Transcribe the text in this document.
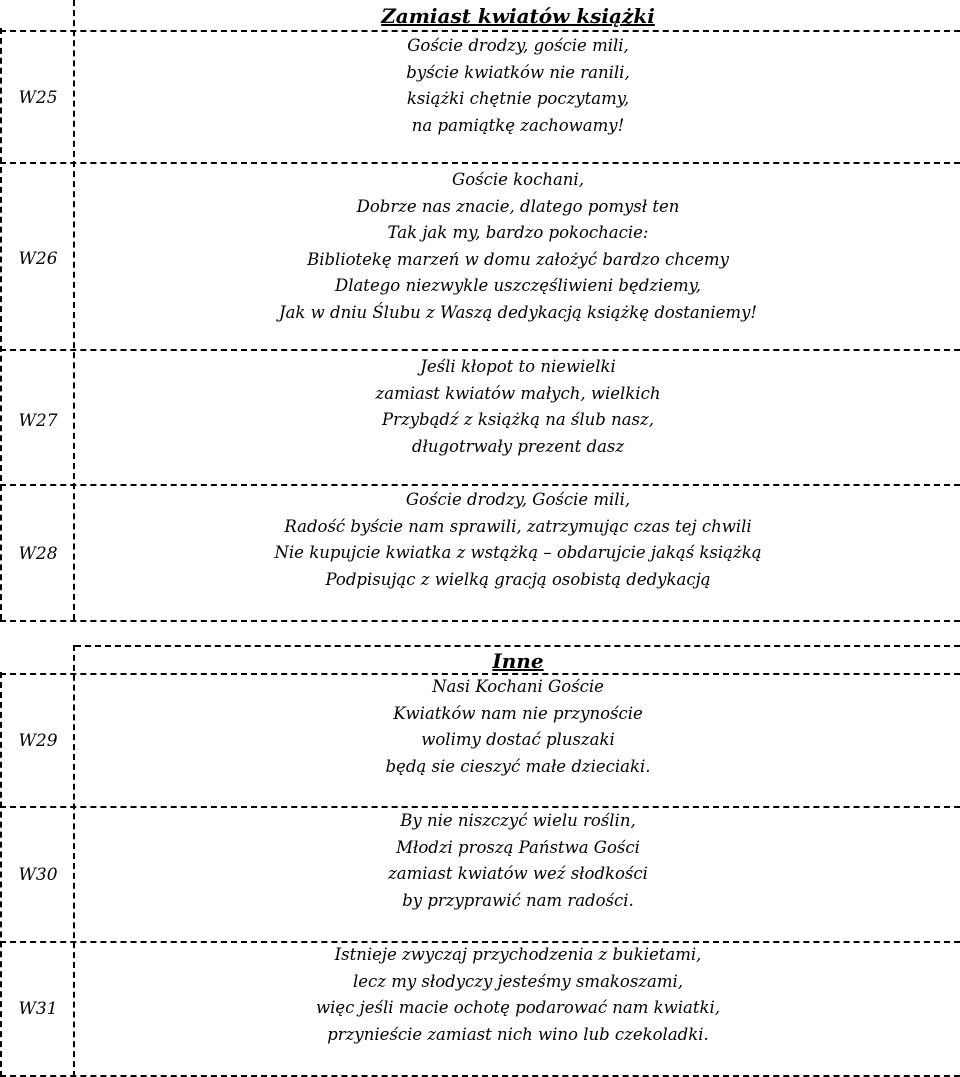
Zamiast kwiatów książki
W25
Goście drodzy, goście mili,
byście kwiatków nie ranili,
książki chętnie poczytamy,
na pamiątkę zachowamy!
W26
Goście kochani,
Dobrze nas znacie, dlatego pomysł ten
Tak jak my, bardzo pokochacie:
Bibliotekę marzeń w domu założyć bardzo chcemy
Dlatego niezwykle uszczęśliwieni będziemy,
Jak w dniu Ślubu z Waszą dedykacją książkę dostaniemy!
W27
Jeśli kłopot to niewielki
zamiast kwiatów małych, wielkich
Przybądź z książką na ślub nasz,
długotrwały prezent dasz
W28
Goście drodzy, Goście mili,
Radość byście nam sprawili, zatrzymując czas tej chwili
Nie kupujcie kwiatka z wstążką – obdarujcie jakąś książką
Podpisując z wielką gracją osobistą dedykacją
Inne
W29
Nasi Kochani Goście
Kwiatków nam nie przynoście
wolimy dostać pluszaki
będą sie cieszyć małe dzieciaki.
W30
By nie niszczyć wielu roślin,
Młodzi proszą Państwa Gości
zamiast kwiatów weź słodkości
by przyprawić nam radości.
W31
Istnieje zwyczaj przychodzenia z bukietami,
lecz my słodyczy jesteśmy smakoszami,
więc jeśli macie ochotę podarować nam kwiatki,
przynieście zamiast nich wino lub czekoladki.
